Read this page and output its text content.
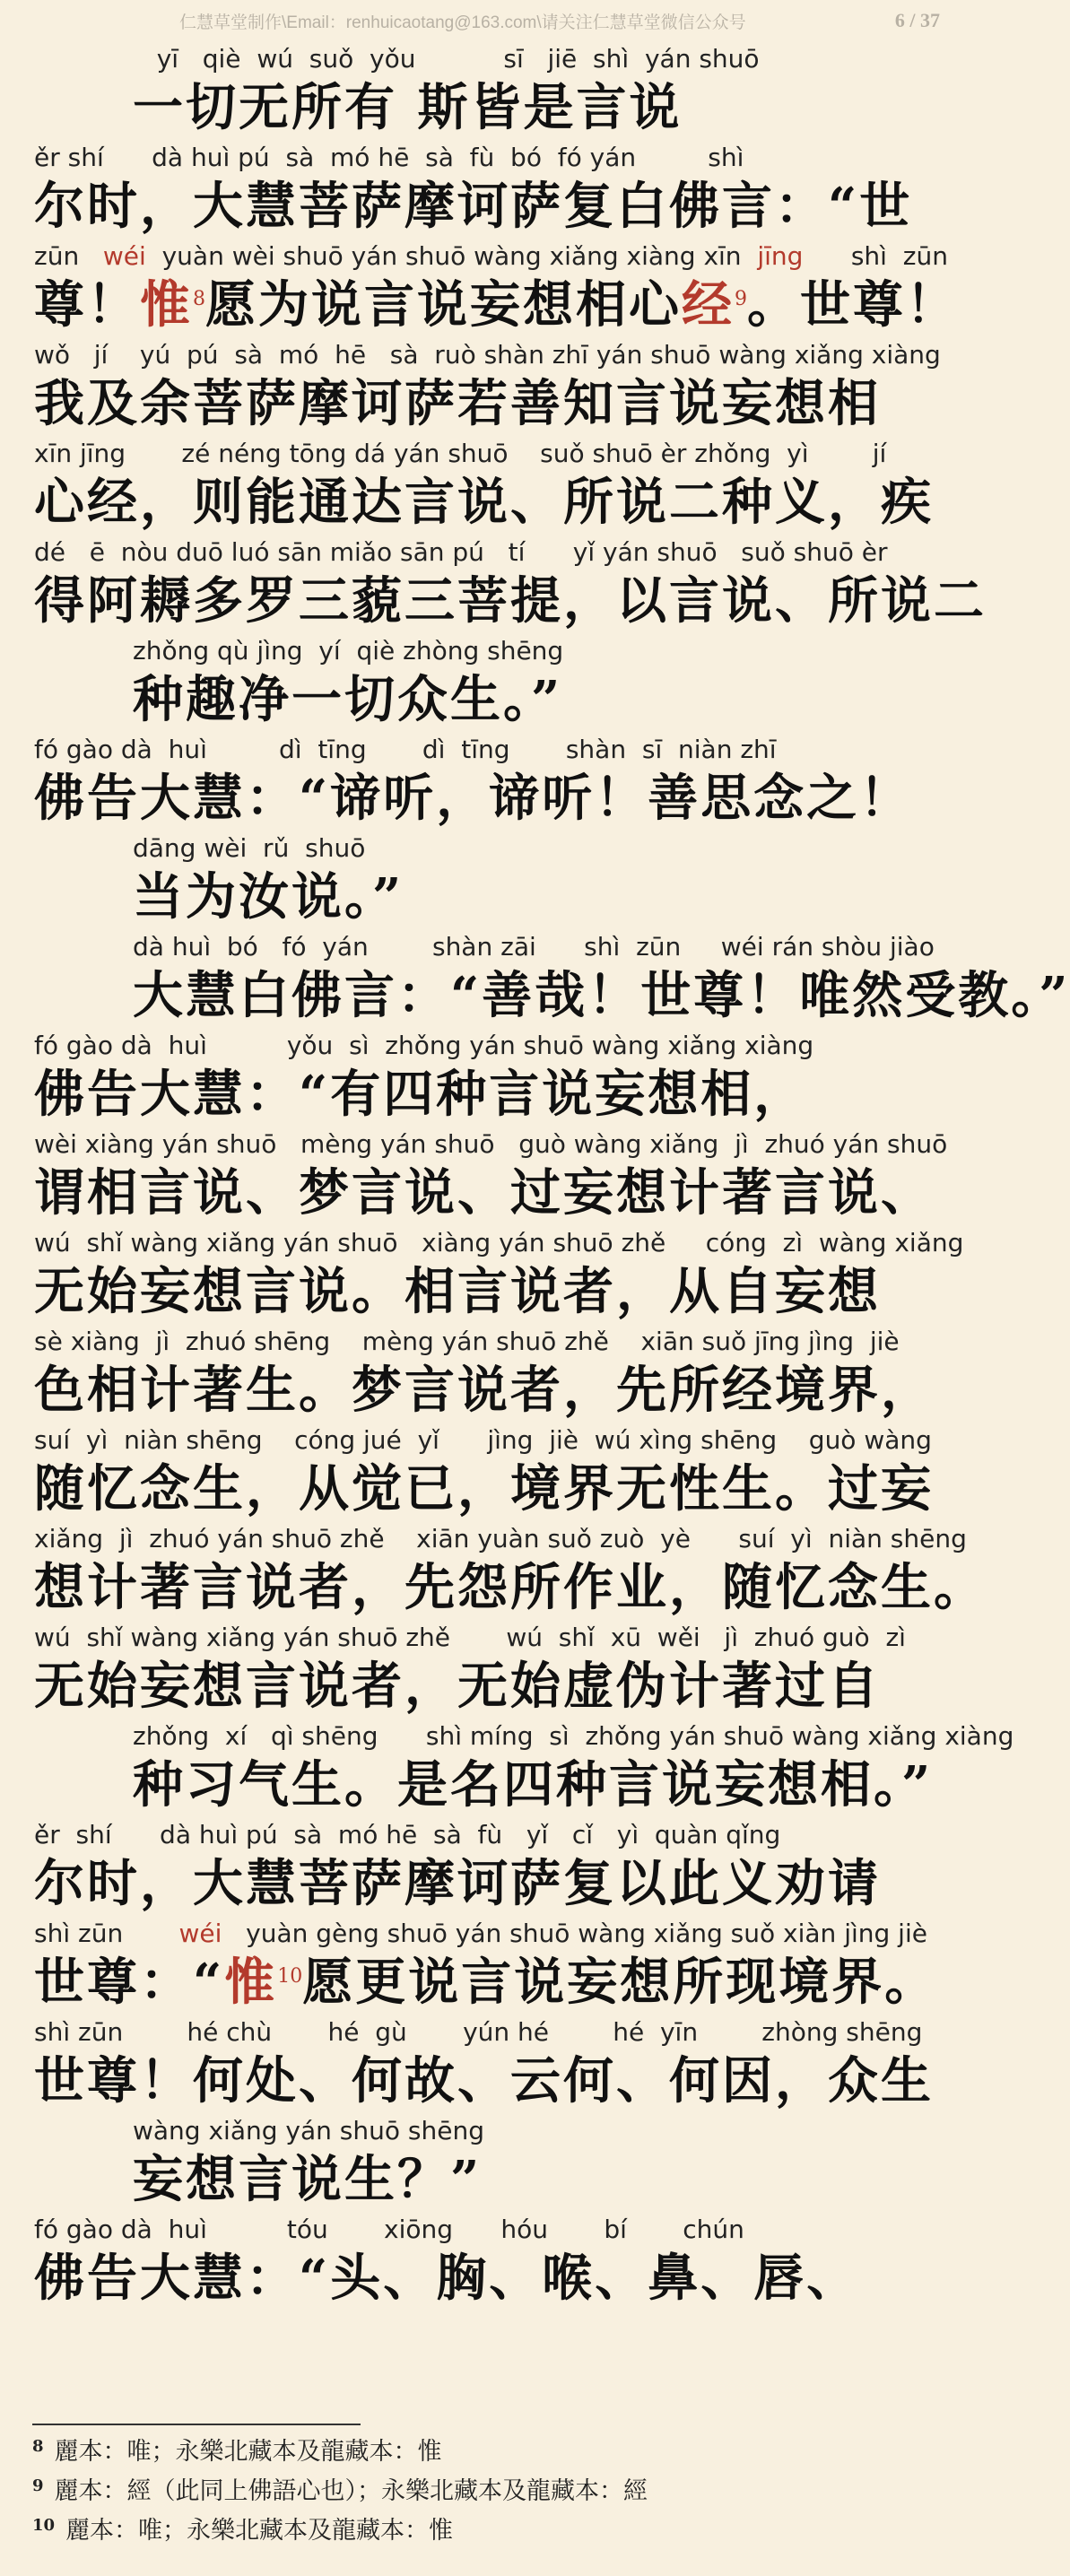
仁慧草堂制作\Email：renhuicaotang@163.com\请关注仁慧草堂微信公众号	6 / 37
yī   qiè  wú  suǒ  yǒu           sī   jiē  shì  yán shuō
一切无所有 斯皆是言说
ěr shí      dà huì pú  sà  mó hē  sà  fù  bó  fó yán         shì
尔时，大慧菩萨摩诃萨复白佛言：“世
zūn   wéi  yuàn wèi shuō yán shuō wàng xiǎng xiàng xīn  jīng      shì  zūn
尊！惟$^8$愿为说言说妄想相心经$^9$。世尊！
wǒ   jí    yú  pú  sà  mó  hē   sà  ruò shàn zhī yán shuō wàng xiǎng xiàng
我及余菩萨摩诃萨若善知言说妄想相
xīn jīng       zé néng tōng dá yán shuō    suǒ shuō èr zhǒng  yì        jí
心经，则能通达言说、所说二种义，疾
dé   ē  nòu duō luó sān miǎo sān pú   tí      yǐ yán shuō   suǒ shuō èr
得阿耨多罗三藐三菩提，以言说、所说二
zhǒng qù jìng  yí  qiè zhòng shēng
种趣净一切众生。”
fó gào dà  huì         dì  tīng       dì  tīng       shàn  sī  niàn zhī
佛告大慧：“谛听，谛听！善思念之！
dāng wèi  rǔ  shuō
当为汝说。”
dà huì  bó   fó  yán        shàn zāi      shì  zūn     wéi rán shòu jiào
大慧白佛言：“善哉！世尊！唯然受教。”
fó gào dà  huì          yǒu  sì  zhǒng yán shuō wàng xiǎng xiàng
佛告大慧：“有四种言说妄想相，
wèi xiàng yán shuō   mèng yán shuō   guò wàng xiǎng  jì  zhuó yán shuō
谓相言说、梦言说、过妄想计著言说、
wú  shǐ wàng xiǎng yán shuō   xiàng yán shuō zhě     cóng  zì  wàng xiǎng
无始妄想言说。相言说者，从自妄想
sè xiàng  jì  zhuó shēng    mèng yán shuō zhě    xiān suǒ jīng jìng  jiè
色相计著生。梦言说者，先所经境界，
suí  yì  niàn shēng    cóng jué  yǐ      jìng  jiè  wú xìng shēng    guò wàng
随忆念生，从觉已，境界无性生。过妄
xiǎng  jì  zhuó yán shuō zhě    xiān yuàn suǒ zuò  yè      suí  yì  niàn shēng
想计著言说者，先怨所作业，随忆念生。
wú  shǐ wàng xiǎng yán shuō zhě       wú  shǐ  xū  wěi   jì  zhuó guò  zì
无始妄想言说者，无始虚伪计著过自
zhǒng  xí   qì shēng      shì míng  sì  zhǒng yán shuō wàng xiǎng xiàng
种习气生。是名四种言说妄想相。”
ěr  shí      dà huì pú  sà  mó hē  sà  fù   yǐ   cǐ   yì  quàn qǐng
尔时，大慧菩萨摩诃萨复以此义劝请
shì zūn       wéi   yuàn gèng shuō yán shuō wàng xiǎng suǒ xiàn jìng jiè
世尊：“惟$^{10}$愿更说言说妄想所现境界。
shì zūn        hé chù       hé  gù       yún hé        hé  yīn        zhòng shēng
世尊！何处、何故、云何、何因，众生
wàng xiǎng yán shuō shēng
妄想言说生？”
fó gào dà  huì          tóu       xiōng      hóu       bí       chún
佛告大慧：“头、胸、喉、鼻、唇、
$^8$ 麗本：唯；永樂北藏本及龍藏本：惟
$^9$ 麗本：經（此同上佛語心也）；永樂北藏本及龍藏本：經
$^{10}$ 麗本：唯；永樂北藏本及龍藏本：惟
